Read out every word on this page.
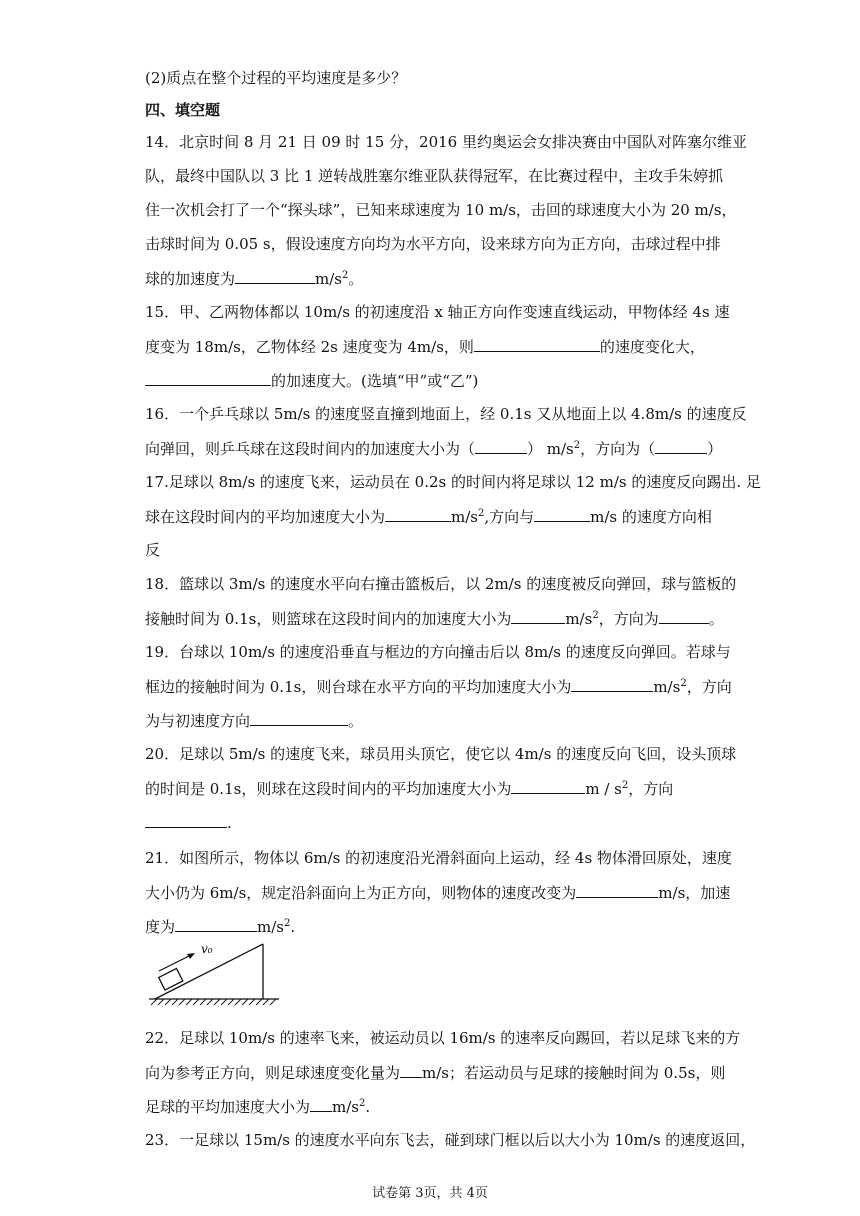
(2)质点在整个过程的平均速度是多少？
四、填空题
14．北京时间 8 月 21 日 09 时 15 分，2016 里约奥运会女排决赛由中国队对阵塞尔维亚
队，最终中国队以 3 比 1 逆转战胜塞尔维亚队获得冠军，在比赛过程中，主攻手朱婷抓
住一次机会打了一个“探头球”，已知来球速度为 10 m/s，击回的球速度大小为 20 m/s，
击球时间为 0.05 s，假设速度方向均为水平方向，设来球方向为正方向，击球过程中排
球的加速度为	$m/s^2$。
15．甲、乙两物体都以 10m/s 的初速度沿 x 轴正方向作变速直线运动，甲物体经 4s 速
度变为 18m/s，乙物体经 2s 速度变为 4m/s，则	的速度变化大，
的加速度大。(选填“甲”或“乙”)
16．一个乒乓球以 5m/s 的速度竖直撞到地面上，经 0.1s 又从地面上以 4.8m/s 的速度反
向弹回，则乒乓球在这段时间内的加速度大小为（	） $m/s^2$，方向为（	）
17.足球以 8m/s 的速度飞来，运动员在 0.2s 的时间内将足球以 12 m/s 的速度反向踢出. 足
球在这段时间内的平均加速度大小为	$m/s^2$,方向与	m/s 的速度方向相
反
18．篮球以 3m/s 的速度水平向右撞击篮板后，以 2m/s 的速度被反向弹回，球与篮板的
接触时间为 0.1s，则篮球在这段时间内的加速度大小为	$m/s^2$，方向为	。
19．台球以 10m/s 的速度沿垂直与框边的方向撞击后以 8m/s 的速度反向弹回。若球与
框边的接触时间为 0.1s，则台球在水平方向的平均加速度大小为	$m/s^2$，方向
为与初速度方向	。
20．足球以 5m/s 的速度飞来，球员用头顶它，使它以 4m/s 的速度反向飞回，设头顶球
的时间是 0.1s，则球在这段时间内的平均加速度大小为	m / $s^2$，方向
.
21．如图所示，物体以 6m/s 的初速度沿光滑斜面向上运动，经 4s 物体滑回原处，速度
大小仍为 6m/s，规定沿斜面向上为正方向，则物体的速度改变为	m/s，加速
度为	$m/s^2$.
v₀
22．足球以 10m/s 的速率飞来，被运动员以 16m/s 的速率反向踢回，若以足球飞来的方
向为参考正方向，则足球速度变化量为 m/s；若运动员与足球的接触时间为 0.5s，则
足球的平均加速度大小为 $m/s^2$.
23．一足球以 15m/s 的速度水平向东飞去，碰到球门框以后以大小为 10m/s 的速度返回，
试卷第 3页，共 4页
